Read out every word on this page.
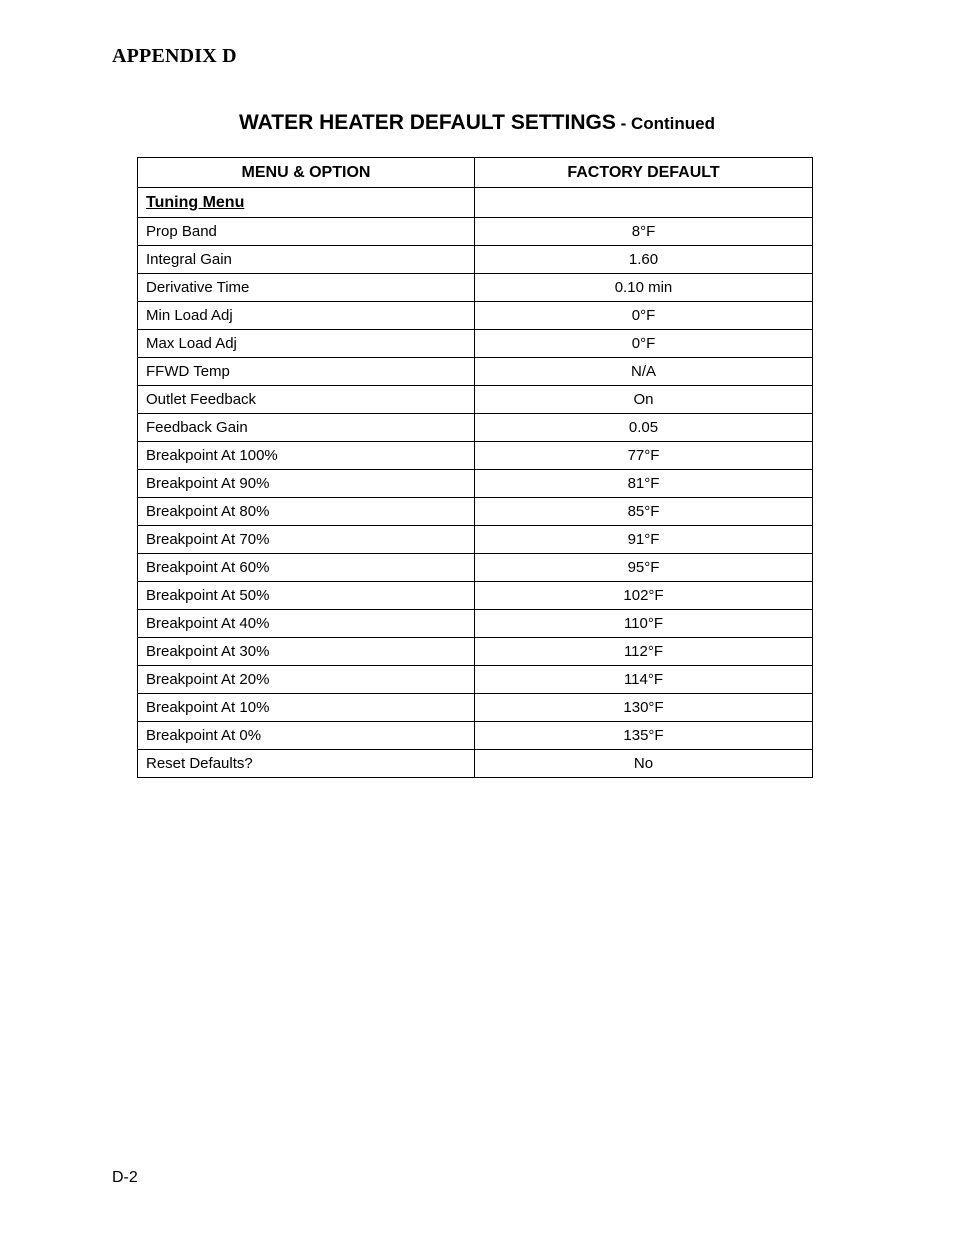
APPENDIX D
WATER HEATER DEFAULT SETTINGS - Continued
MENU & OPTION	FACTORY DEFAULT
Tuning Menu	
Prop Band	8°F
Integral Gain	1.60
Derivative Time	0.10 min
Min Load Adj	0°F
Max Load Adj	0°F
FFWD Temp	N/A
Outlet Feedback	On
Feedback Gain	0.05
Breakpoint At 100%	77°F
Breakpoint At 90%	81°F
Breakpoint At 80%	85°F
Breakpoint At 70%	91°F
Breakpoint At 60%	95°F
Breakpoint At 50%	102°F
Breakpoint At 40%	110°F
Breakpoint At 30%	112°F
Breakpoint At 20%	114°F
Breakpoint At 10%	130°F
Breakpoint At 0%	135°F
Reset Defaults?	No
D-2
